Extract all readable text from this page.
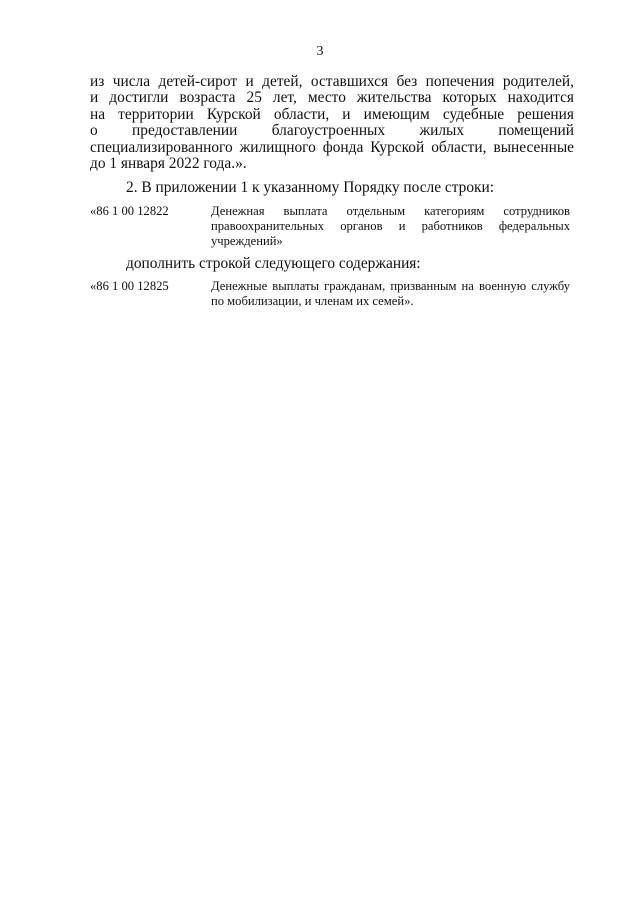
3
из числа детей-сирот и детей, оставшихся без попечения родителей,
и достигли возраста 25 лет, место жительства которых находится
на территории Курской области, и имеющим судебные решения
о предоставлении благоустроенных жилых помещений
специализированного жилищного фонда Курской области, вынесенные
до 1 января 2022 года.».
2. В приложении 1 к указанному Порядку после строки:
«86 1 00 12822	Денежная выплата отдельным категориям сотрудников
правоохранительных органов и работников федеральных
учреждений»
дополнить строкой следующего содержания:
«86 1 00 12825	Денежные выплаты гражданам, призванным на военную службу
по мобилизации, и членам их семей».
